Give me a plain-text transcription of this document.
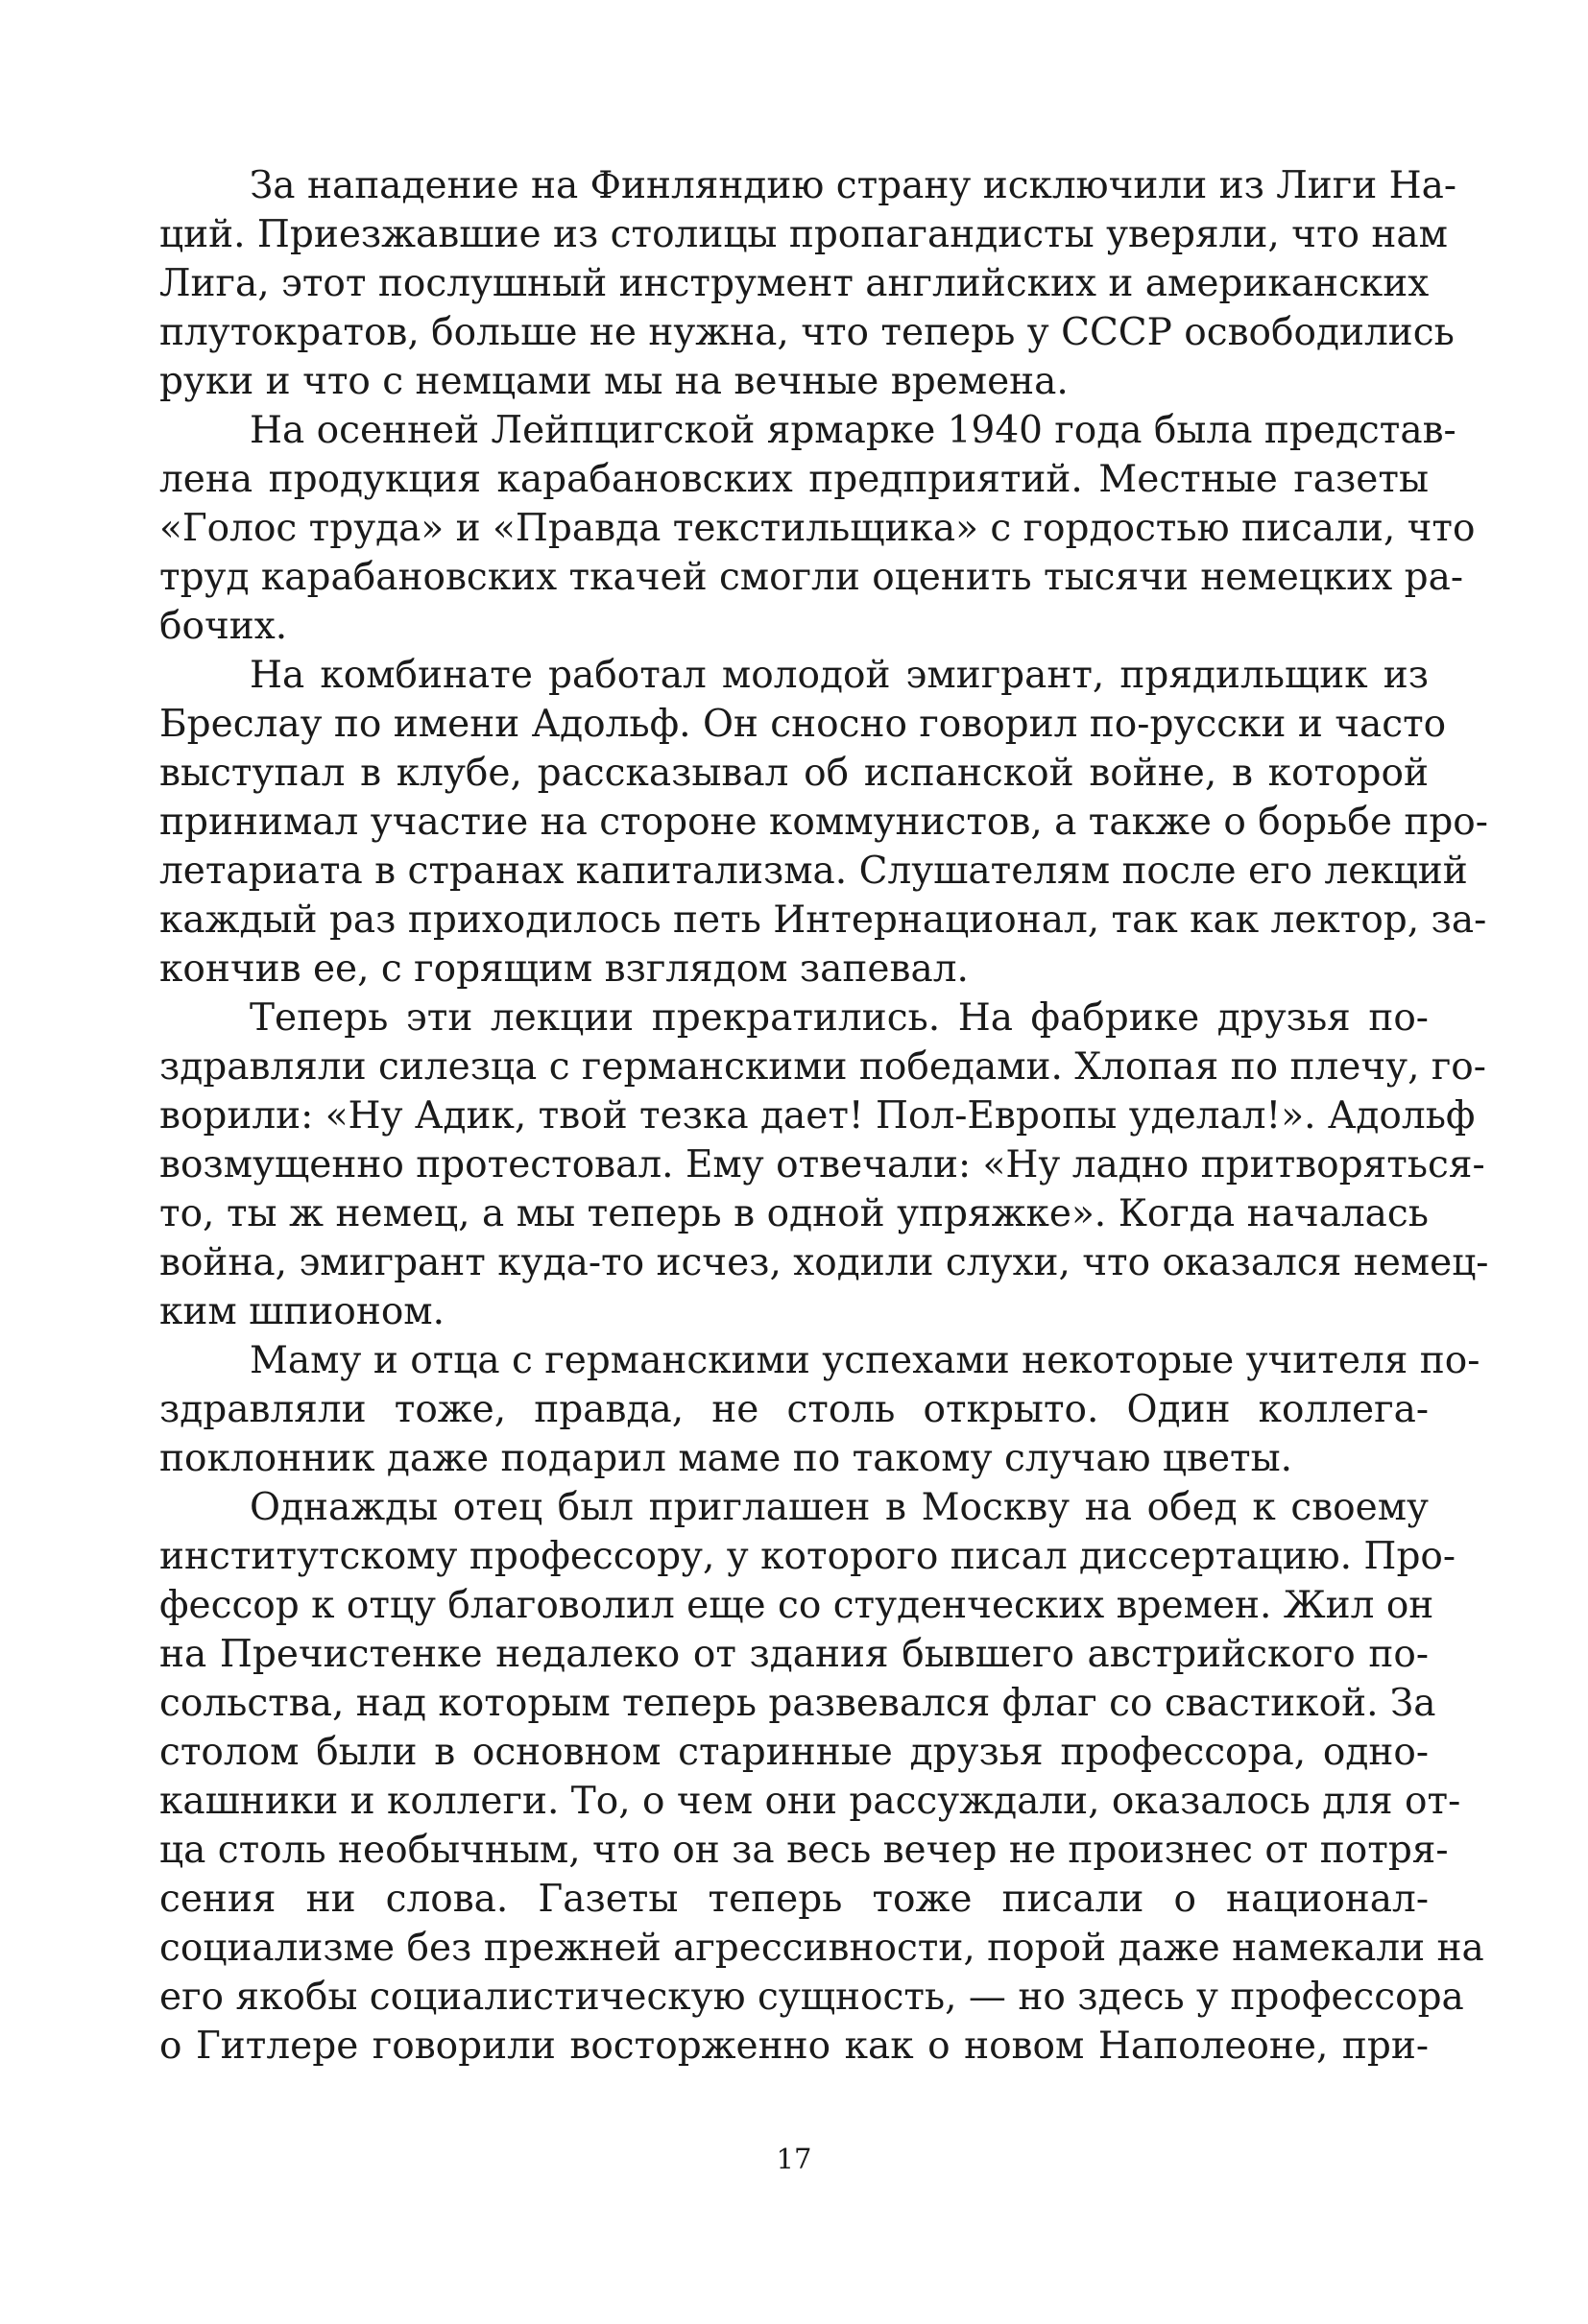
За нападение на Финляндию страну исключили из Лиги На-
ций. Приезжавшие из столицы пропагандисты уверяли, что нам
Лига, этот послушный инструмент английских и американских
плутократов, больше не нужна, что теперь у СССР освободились
руки и что с немцами мы на вечные времена.
На осенней Лейпцигской ярмарке 1940 года была представ-
лена продукция карабановских предприятий. Местные газеты
«Голос труда» и «Правда текстильщика» с гордостью писали, что
труд карабановских ткачей смогли оценить тысячи немецких ра-
бочих.
На комбинате работал молодой эмигрант, прядильщик из
Бреслау по имени Адольф. Он сносно говорил по-русски и часто
выступал в клубе, рассказывал об испанской войне, в которой
принимал участие на стороне коммунистов, а также о борьбе про-
летариата в странах капитализма. Слушателям после его лекций
каждый раз приходилось петь Интернационал, так как лектор, за-
кончив ее, с горящим взглядом запевал.
Теперь эти лекции прекратились. На фабрике друзья по-
здравляли силезца с германскими победами. Хлопая по плечу, го-
ворили: «Ну Адик, твой тезка дает! Пол-Европы уделал!». Адольф
возмущенно протестовал. Ему отвечали: «Ну ладно притворяться-
то, ты ж немец, а мы теперь в одной упряжке». Когда началась
война, эмигрант куда-то исчез, ходили слухи, что оказался немец-
ким шпионом.
Маму и отца с германскими успехами некоторые учителя по-
здравляли тоже, правда, не столь открыто. Один коллега-
поклонник даже подарил маме по такому случаю цветы.
Однажды отец был приглашен в Москву на обед к своему
институтскому профессору, у которого писал диссертацию. Про-
фессор к отцу благоволил еще со студенческих времен. Жил он
на Пречистенке недалеко от здания бывшего австрийского по-
сольства, над которым теперь развевался флаг со свастикой. За
столом были в основном старинные друзья профессора, одно-
кашники и коллеги. То, о чем они рассуждали, оказалось для от-
ца столь необычным, что он за весь вечер не произнес от потря-
сения ни слова. Газеты теперь тоже писали о национал-
социализме без прежней агрессивности, порой даже намекали на
его якобы социалистическую сущность, — но здесь у профессора
о Гитлере говорили восторженно как о новом Наполеоне, при-
17
